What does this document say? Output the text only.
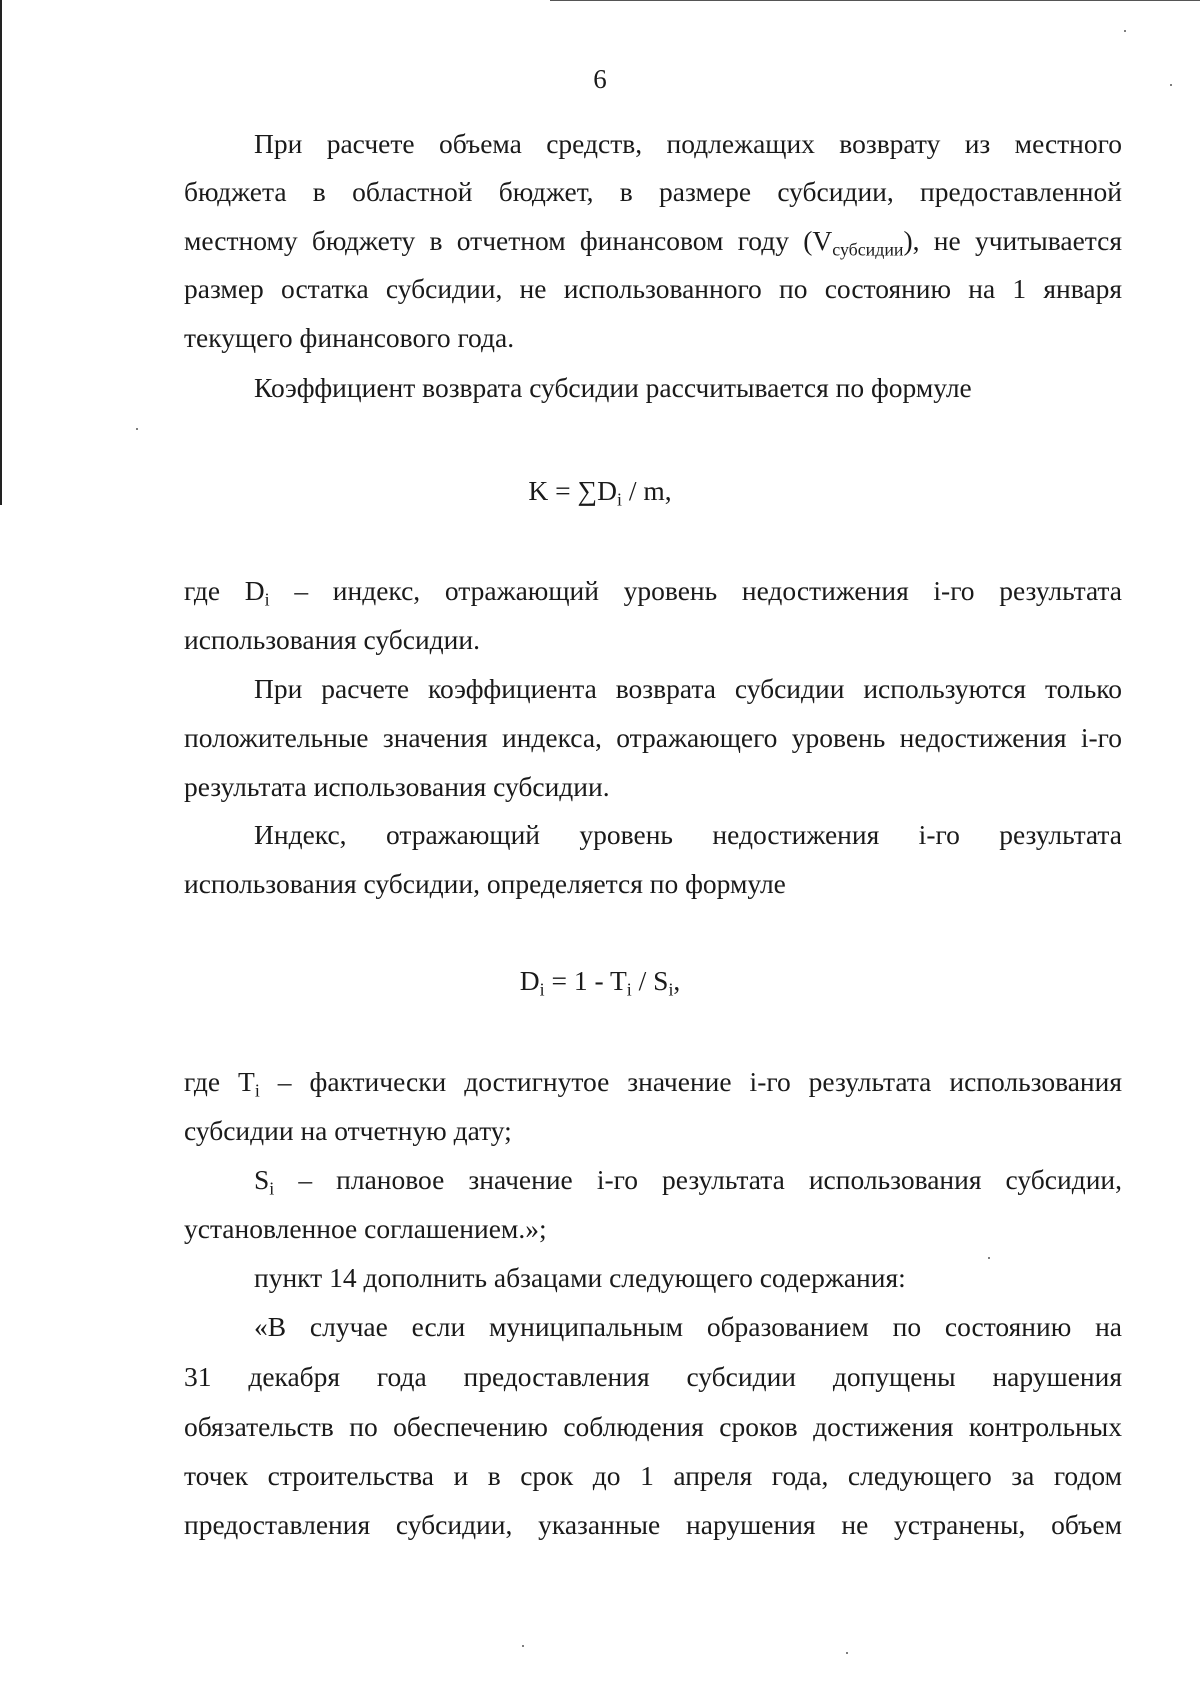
6
При расчете объема средств, подлежащих возврату из местного
бюджета в областной бюджет, в размере субсидии, предоставленной
местному бюджету в отчетном финансовом году $(V_{субсидии})$, не учитывается
размер остатка субсидии, не использованного по состоянию на 1 января
текущего финансового года.
Коэффициент возврата субсидии рассчитывается по формуле
$K = \sum D_i / m$,
где $D_i$ – индекс, отражающий уровень недостижения i-го результата
использования субсидии.
При расчете коэффициента возврата субсидии используются только
положительные значения индекса, отражающего уровень недостижения i-го
результата использования субсидии.
Индекс, отражающий уровень недостижения i-го результата
использования субсидии, определяется по формуле
$D_i = 1 - T_i / S_i$,
где $T_i$ – фактически достигнутое значение i-го результата использования
субсидии на отчетную дату;
$S_i$ – плановое значение i-го результата использования субсидии,
установленное соглашением.»;
пункт 14 дополнить абзацами следующего содержания:
«В случае если муниципальным образованием по состоянию на
31 декабря года предоставления субсидии допущены нарушения
обязательств по обеспечению соблюдения сроков достижения контрольных
точек строительства и в срок до 1 апреля года, следующего за годом
предоставления субсидии, указанные нарушения не устранены, объем
